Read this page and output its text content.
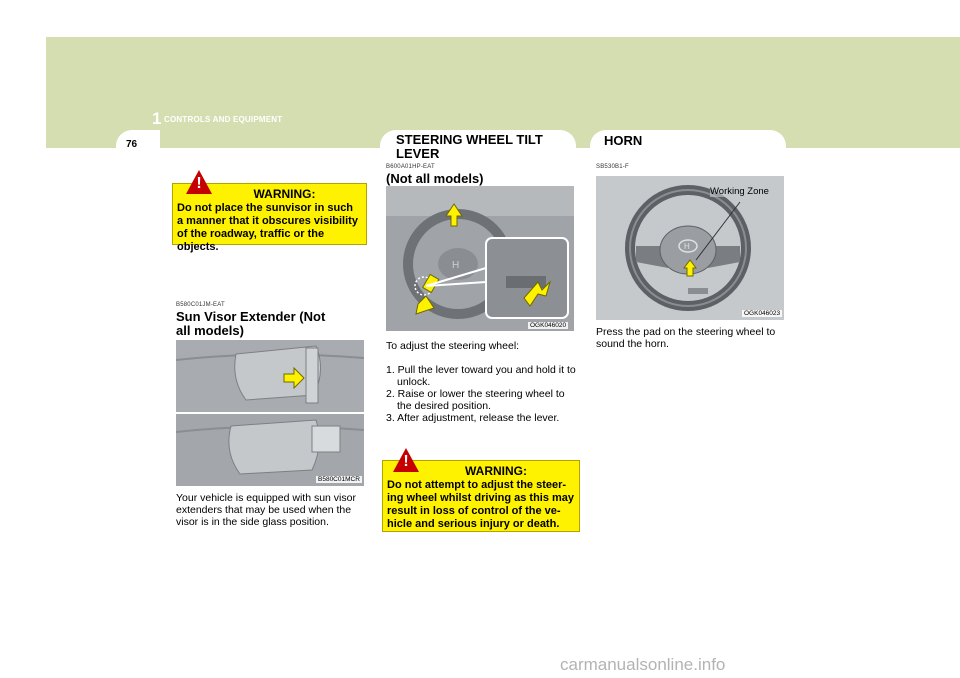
1 CONTROLS AND EQUIPMENT
76	STEERING WHEEL TILT LEVER
HORN
WARNING:
Do not place the sunvisor in such a manner that it obscures visibility of the roadway, traffic or the objects.
!
B580C01JM-EAT
Sun Visor Extender (Not all models)
B580C01MCR
Your vehicle is equipped with sun visor extenders that may be used when the visor is in the side glass position.
B600A01HP-EAT
(Not all models)
H
OGK046020
To adjust the steering wheel:
1. Pull the lever toward you and hold it to unlock.
2. Raise or lower the steering wheel to the desired position.
3. After adjustment, release the lever.
WARNING:
Do not attempt to adjust the steer-ing wheel whilst driving as this may result in loss of control of the ve-hicle and serious injury or death.
!
SB530B1-F
H
Working Zone
OGK046023
Press the pad on the steering wheel to sound the horn.
carmanualsonline.info
